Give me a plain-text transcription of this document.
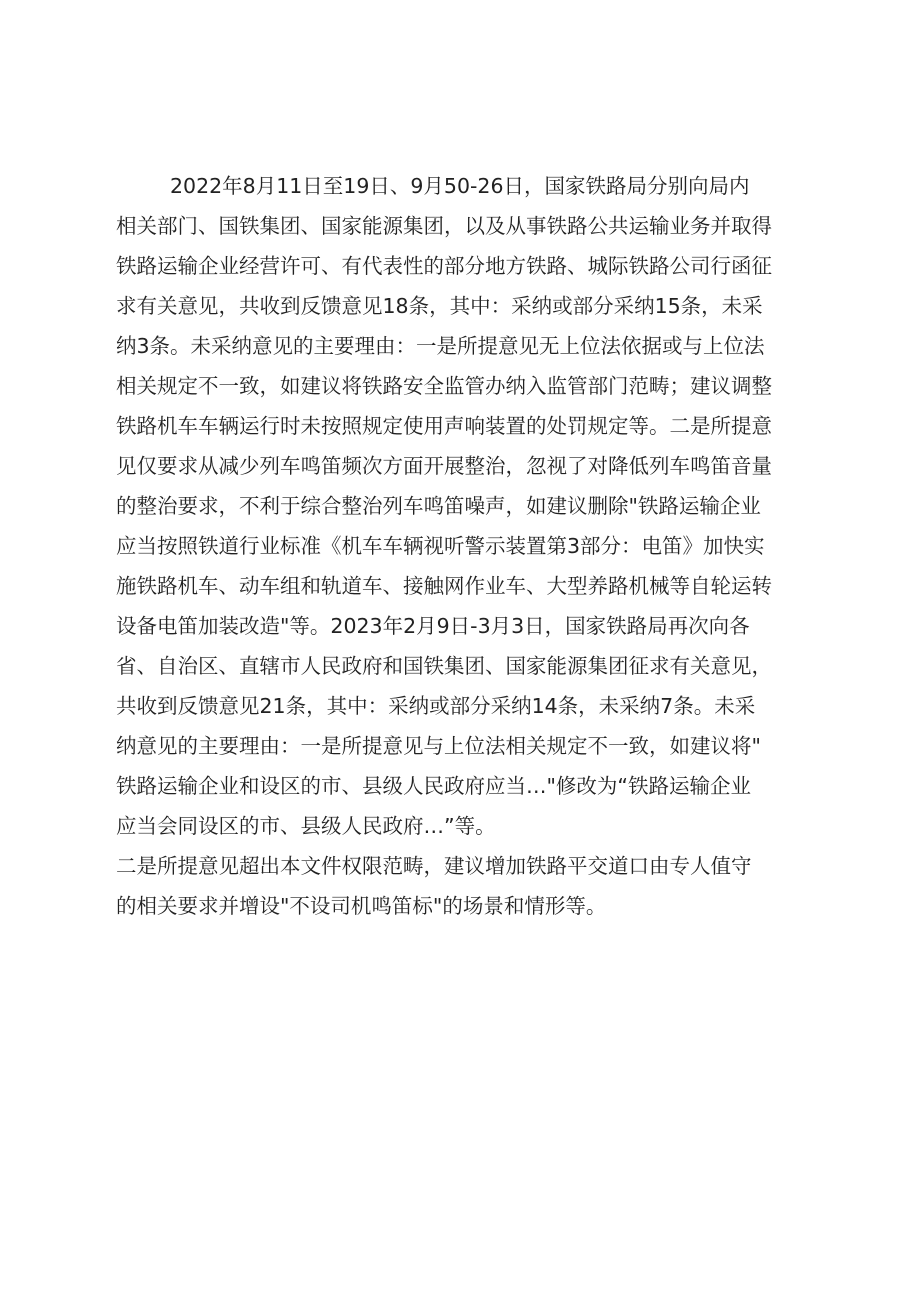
2022年8月11日至19日、9月50-26日，国家铁路局分别向局内
相关部门、国铁集团、国家能源集团，以及从事铁路公共运输业务并取得
铁路运输企业经营许可、有代表性的部分地方铁路、城际铁路公司行函征
求有关意见，共收到反馈意见18条，其中：采纳或部分采纳15条，未采
纳3条。未采纳意见的主要理由：一是所提意见无上位法依据或与上位法
相关规定不一致，如建议将铁路安全监管办纳入监管部门范畴；建议调整
铁路机车车辆运行时未按照规定使用声响装置的处罚规定等。二是所提意
见仅要求从减少列车鸣笛频次方面开展整治，忽视了对降低列车鸣笛音量
的整治要求，不利于综合整治列车鸣笛噪声，如建议删除"铁路运输企业
应当按照铁道行业标准《机车车辆视听警示装置第3部分：电笛》加快实
施铁路机车、动车组和轨道车、接触网作业车、大型养路机械等自轮运转
设备电笛加装改造"等。2023年2月9日-3月3日，国家铁路局再次向各
省、自治区、直辖市人民政府和国铁集团、国家能源集团征求有关意见，
共收到反馈意见21条，其中：采纳或部分采纳14条，未采纳7条。未采
纳意见的主要理由：一是所提意见与上位法相关规定不一致，如建议将"
铁路运输企业和设区的市、县级人民政府应当…"修改为“铁路运输企业
应当会同设区的市、县级人民政府…”等。
二是所提意见超出本文件权限范畴，建议增加铁路平交道口由专人值守
的相关要求并增设"不设司机鸣笛标"的场景和情形等。
